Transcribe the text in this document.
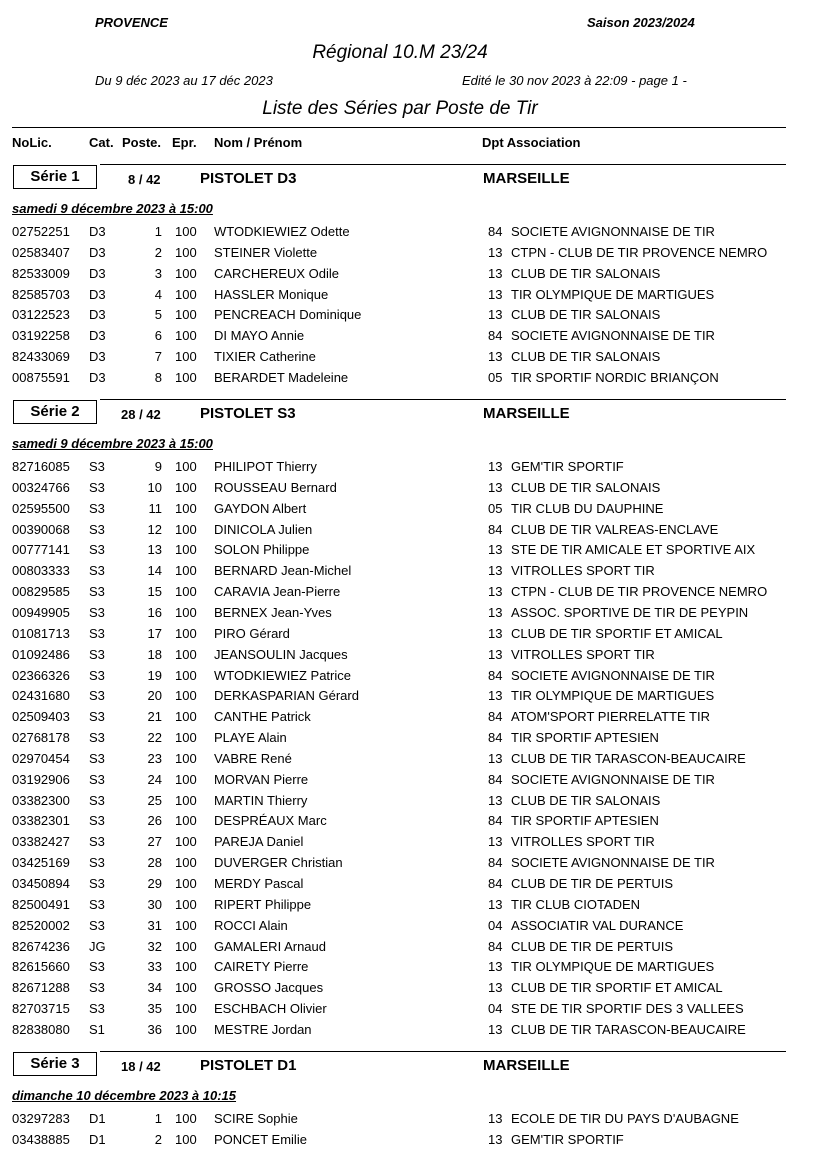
PROVENCE	Saison 2023/2024
Régional 10.M 23/24
Du 9 déc 2023 au 17 déc 2023	Edité le 30 nov 2023 à 22:09 - page 1 -
Liste des Séries par Poste de Tir
NoLic.	Cat. Poste. Epr. Nom / Prénom	Dpt Association
Série 1	8 / 42	PISTOLET D3	MARSEILLE
samedi 9 décembre 2023 à 15:00
02752251 D3	1 100 WTODKIEWIEZ Odette	84 SOCIETE AVIGNONNAISE DE TIR
02583407 D3	2 100 STEINER Violette	13 CTPN - CLUB DE TIR PROVENCE NEMRO
82533009 D3	3 100 CARCHEREUX Odile	13 CLUB DE TIR SALONAIS
82585703 D3	4 100 HASSLER Monique	13 TIR OLYMPIQUE DE MARTIGUES
03122523 D3	5 100 PENCREACH Dominique	13 CLUB DE TIR SALONAIS
03192258 D3	6 100 DI MAYO Annie	84 SOCIETE AVIGNONNAISE DE TIR
82433069 D3	7 100 TIXIER Catherine	13 CLUB DE TIR SALONAIS
00875591 D3	8 100 BERARDET Madeleine	05 TIR SPORTIF NORDIC BRIANÇON
Série 2	28 / 42	PISTOLET S3	MARSEILLE
samedi 9 décembre 2023 à 15:00
82716085 S3	9 100 PHILIPOT Thierry	13 GEM'TIR SPORTIF
00324766 S3	10 100 ROUSSEAU Bernard	13 CLUB DE TIR SALONAIS
02595500 S3	11 100 GAYDON Albert	05 TIR CLUB DU DAUPHINE
00390068 S3	12 100 DINICOLA Julien	84 CLUB DE TIR VALREAS-ENCLAVE
00777141 S3	13 100 SOLON Philippe	13 STE DE TIR AMICALE ET SPORTIVE AIX
00803333 S3	14 100 BERNARD Jean-Michel	13 VITROLLES SPORT TIR
00829585 S3	15 100 CARAVIA Jean-Pierre	13 CTPN - CLUB DE TIR PROVENCE NEMRO
00949905 S3	16 100 BERNEX Jean-Yves	13 ASSOC. SPORTIVE DE TIR DE PEYPIN
01081713 S3	17 100 PIRO Gérard	13 CLUB DE TIR SPORTIF ET AMICAL
01092486 S3	18 100 JEANSOULIN Jacques	13 VITROLLES SPORT TIR
02366326 S3	19 100 WTODKIEWIEZ Patrice	84 SOCIETE AVIGNONNAISE DE TIR
02431680 S3	20 100 DERKASPARIAN Gérard	13 TIR OLYMPIQUE DE MARTIGUES
02509403 S3	21 100 CANTHE Patrick	84 ATOM'SPORT PIERRELATTE TIR
02768178 S3	22 100 PLAYE Alain	84 TIR SPORTIF APTESIEN
02970454 S3	23 100 VABRE René	13 CLUB DE TIR TARASCON-BEAUCAIRE
03192906 S3	24 100 MORVAN Pierre	84 SOCIETE AVIGNONNAISE DE TIR
03382300 S3	25 100 MARTIN Thierry	13 CLUB DE TIR SALONAIS
03382301 S3	26 100 DESPRÉAUX Marc	84 TIR SPORTIF APTESIEN
03382427 S3	27 100 PAREJA Daniel	13 VITROLLES SPORT TIR
03425169 S3	28 100 DUVERGER Christian	84 SOCIETE AVIGNONNAISE DE TIR
03450894 S3	29 100 MERDY Pascal	84 CLUB DE TIR DE PERTUIS
82500491 S3	30 100 RIPERT Philippe	13 TIR CLUB CIOTADEN
82520002 S3	31 100 ROCCI Alain	04 ASSOCIATIR VAL DURANCE
82674236 JG	32 100 GAMALERI Arnaud	84 CLUB DE TIR DE PERTUIS
82615660 S3	33 100 CAIRETY Pierre	13 TIR OLYMPIQUE DE MARTIGUES
82671288 S3	34 100 GROSSO Jacques	13 CLUB DE TIR SPORTIF ET AMICAL
82703715 S3	35 100 ESCHBACH Olivier	04 STE DE TIR SPORTIF DES 3 VALLEES
82838080 S1	36 100 MESTRE Jordan	13 CLUB DE TIR TARASCON-BEAUCAIRE
Série 3	18 / 42	PISTOLET D1	MARSEILLE
dimanche 10 décembre 2023 à 10:15
03297283 D1	1 100 SCIRE Sophie	13 ECOLE DE TIR DU PAYS D'AUBAGNE
03438885 D1	2 100 PONCET Emilie	13 GEM'TIR SPORTIF
